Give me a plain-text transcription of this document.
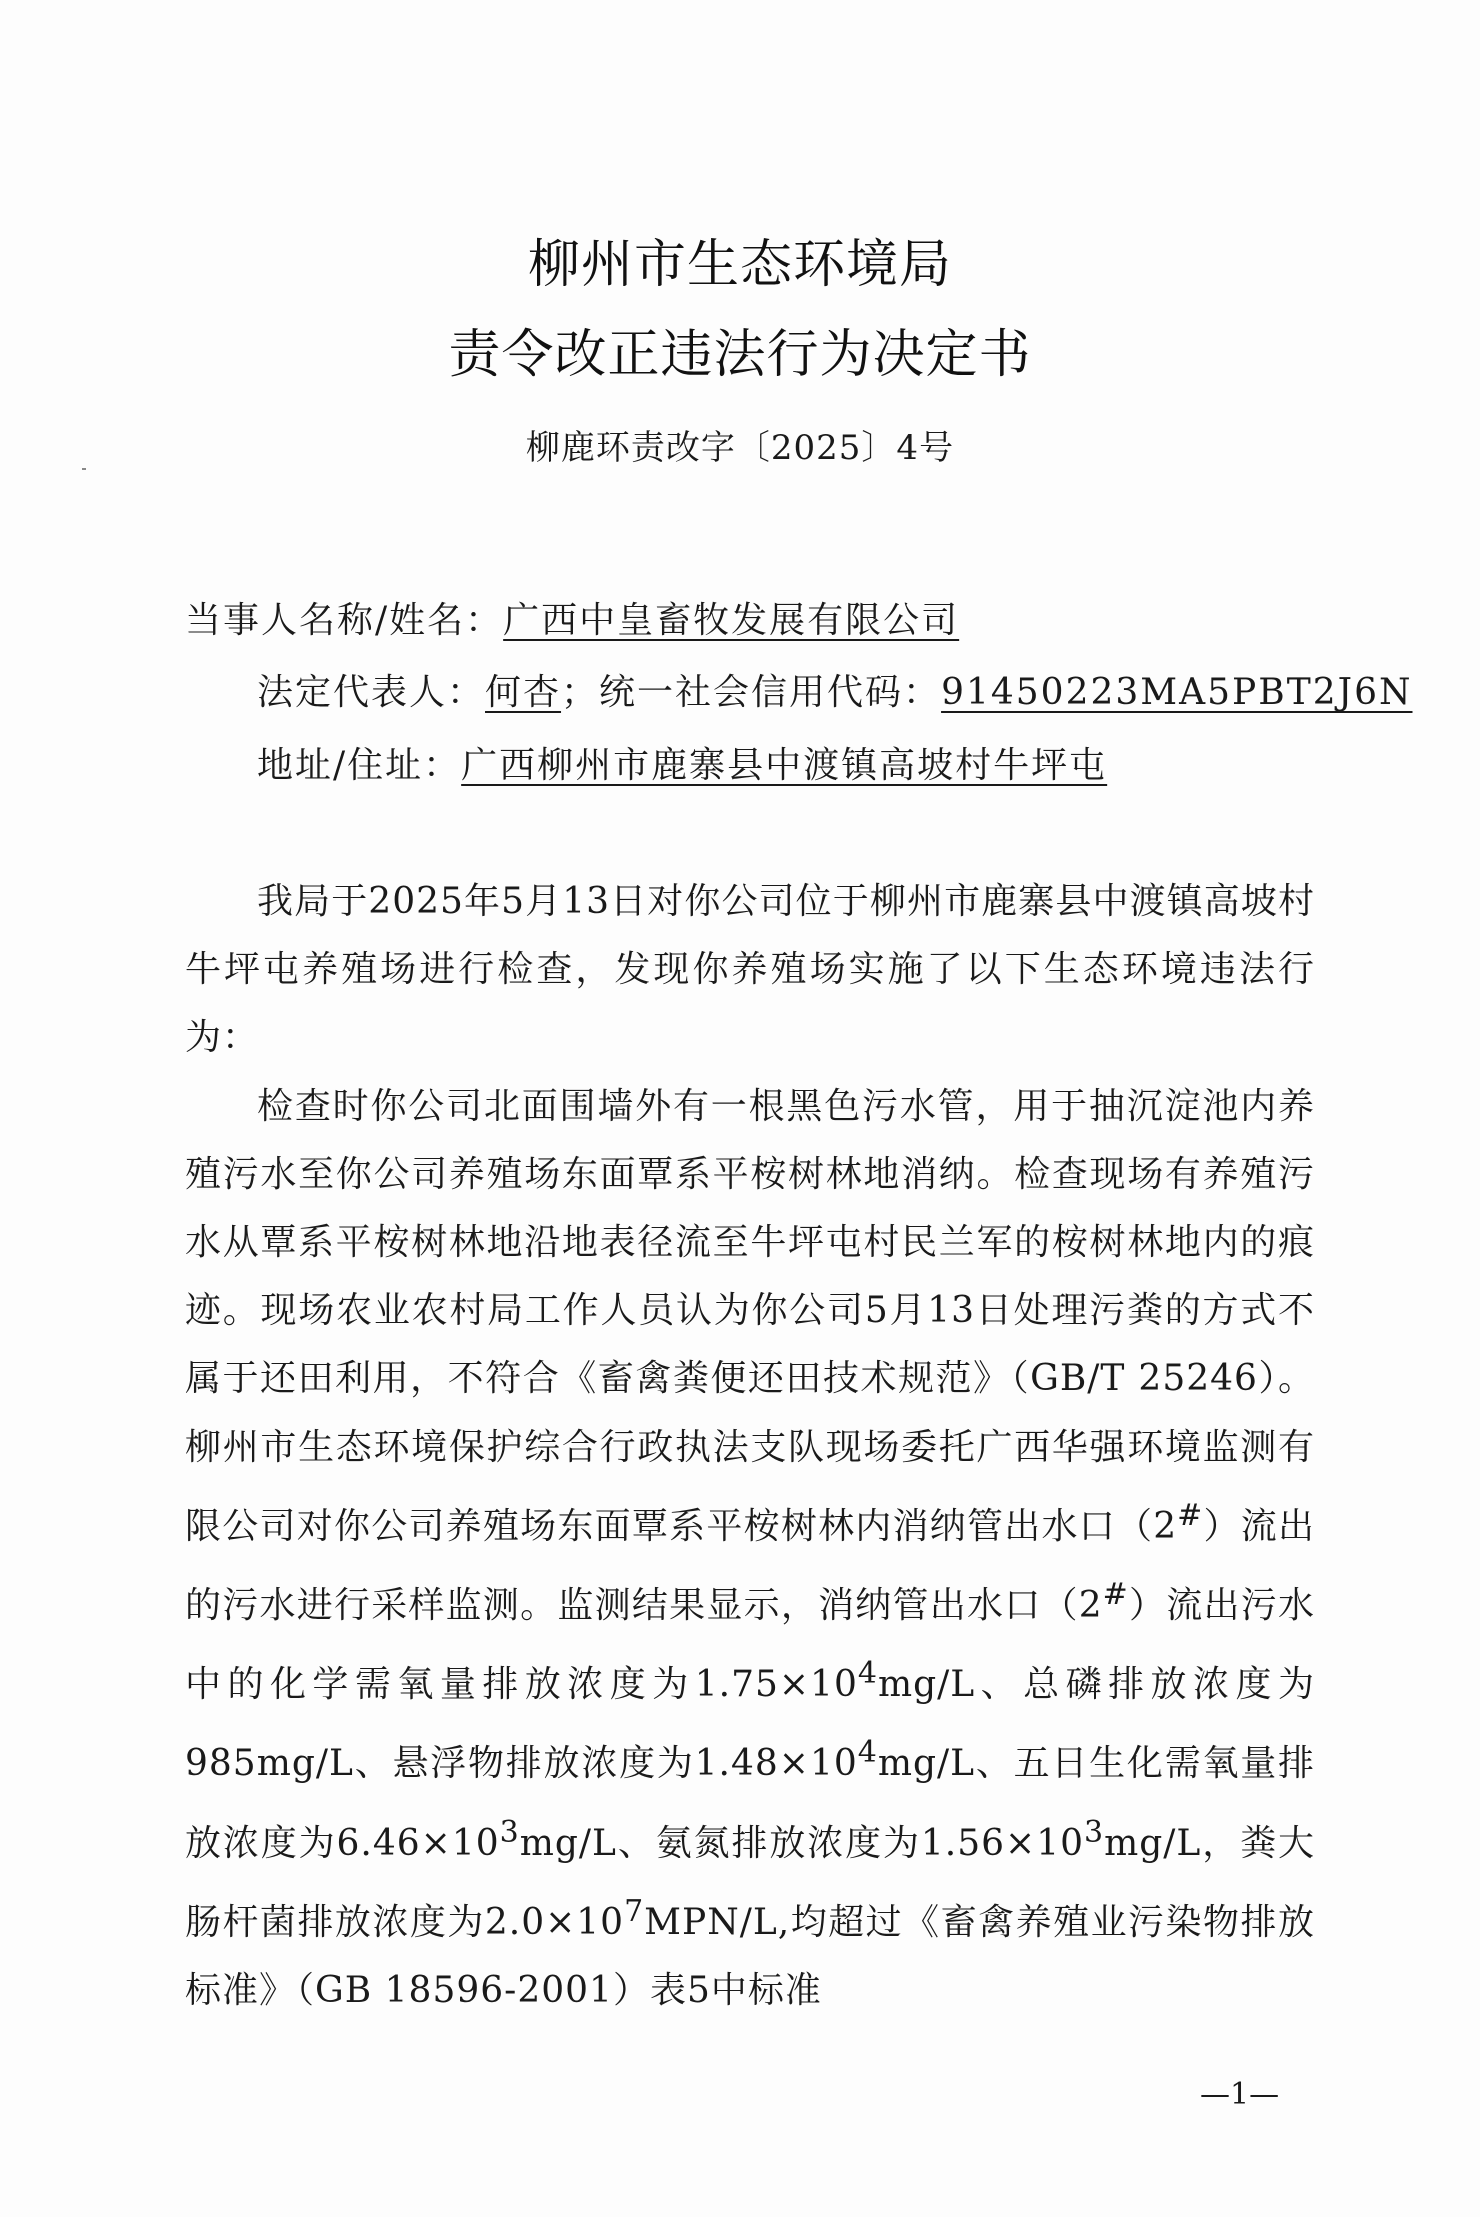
柳州市生态环境局
责令改正违法行为决定书
柳鹿环责改字〔2025〕4号
当事人名称/姓名：广西中皇畜牧发展有限公司
法定代表人：何杏；统一社会信用代码：91450223MA5PBT2J6N
地址/住址：广西柳州市鹿寨县中渡镇高坡村牛坪屯

我局于2025年5月13日对你公司位于柳州市鹿寨县中渡镇高坡村牛坪屯养殖场进行检查，发现你养殖场实施了以下生态环境违法行为：

检查时你公司北面围墙外有一根黑色污水管，用于抽沉淀池内养殖污水至你公司养殖场东面覃系平桉树林地消纳。检查现场有养殖污水从覃系平桉树林地沿地表径流至牛坪屯村民兰军的桉树林地内的痕迹。现场农业农村局工作人员认为你公司5月13日处理污粪的方式不属于还田利用，不符合《畜禽粪便还田技术规范》（GB/T 25246）。柳州市生态环境保护综合行政执法支队现场委托广西华强环境监测有限公司对你公司养殖场东面覃系平桉树林内消纳管出水口（2#）流出的污水进行采样监测。监测结果显示，消纳管出水口（2#）流出污水中的化学需氧量排放浓度为$1.75\times 10^4mg/L$、总磷排放浓度为985mg/L、悬浮物排放浓度为$1.48\times 10^4mg/L$、五日生化需氧量排放浓度为$6.46\times 10^3mg/L$、氨氮排放浓度为$1.56\times 10^3mg/L$，粪大肠杆菌排放浓度为$2.0\times 10^7MPN/L$,均超过《畜禽养殖业污染物排放标准》（GB 18596-2001）表5中标准

—1—
